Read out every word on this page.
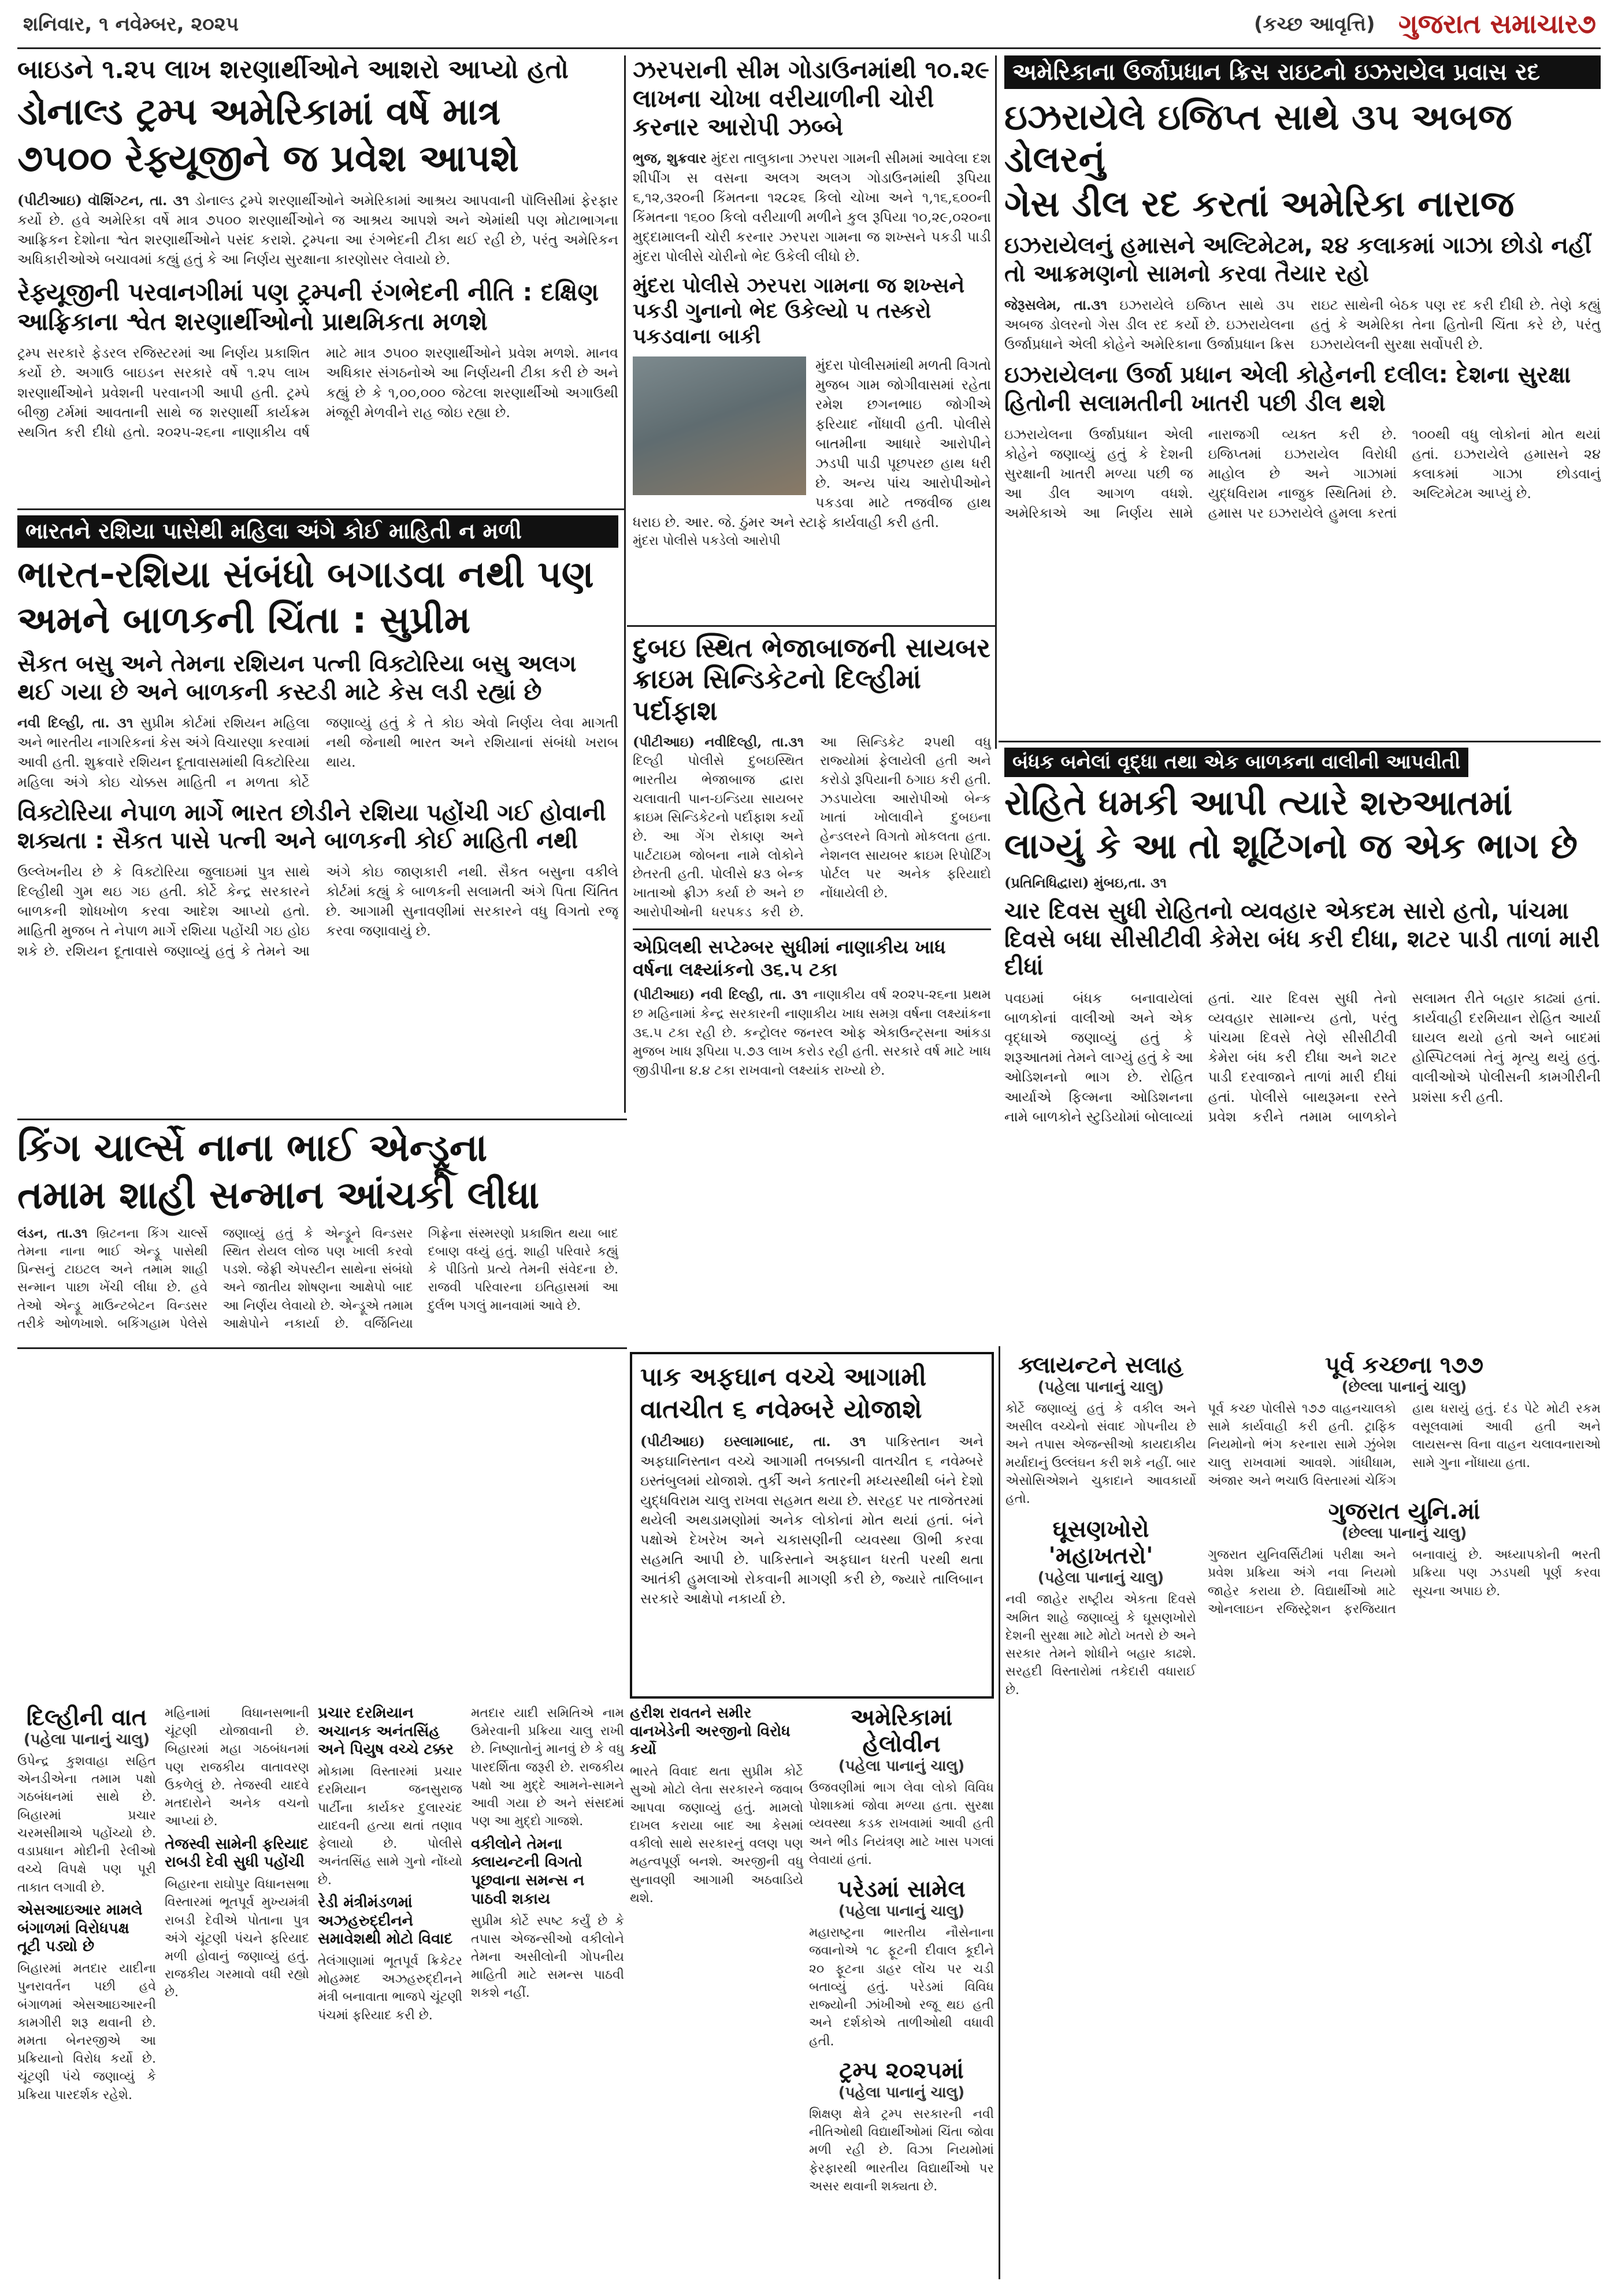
શનિવાર, ૧ નવેમ્બર, ૨૦૨૫	(કચ્છ આવૃત્તિ) ગુજરાત સમાચાર
૭
બાઇડને ૧.૨૫ લાખ શરણાર્થીઓને આશરો આપ્યો હતો
ડોનાલ્ડ ટ્રમ્પ અમેરિકામાં વર્ષે માત્ર
૭૫૦૦ રેફ્યૂજીને જ પ્રવેશ આપશે
(પીટીઆઇ) વૉશિંગ્ટન, તા. ૩૧ ડોનાલ્ડ ટ્રમ્પે શરણાર્થીઓને અમેરિકામાં આશ્રય આપવાની પૉલિસીમાં ફેરફાર કર્યો છે. હવે અમેરિકા વર્ષે માત્ર ૭૫૦૦ શરણાર્થીઓને જ આશ્રય આપશે અને એમાંથી પણ મોટાભાગના આફ્રિકન દેશોના શ્વેત શરણાર્થીઓને પસંદ કરાશે. ટ્રમ્પના આ રંગભેદની ટીકા થઈ રહી છે, પરંતુ અમેરિકન અધિકારીઓએ બચાવમાં કહ્યું હતું કે આ નિર્ણય સુરક્ષાના કારણોસર લેવાયો છે.
રેફ્યૂજીની પરવાનગીમાં પણ ટ્રમ્પની રંગભેદની નીતિ : દક્ષિણ આફ્રિકાના શ્વેત શરણાર્થીઓનો પ્રાથમિકતા મળશે
ટ્રમ્પ સરકારે ફેડરલ રજિસ્ટરમાં આ નિર્ણય પ્રકાશિત કર્યો છે. અગાઉ બાઇડન સરકારે વર્ષે ૧.૨૫ લાખ શરણાર્થીઓને પ્રવેશની પરવાનગી આપી હતી. ટ્રમ્પે બીજી ટર્મમાં આવતાની સાથે જ શરણાર્થી કાર્યક્રમ સ્થગિત કરી દીધો હતો. ૨૦૨૫-૨૬ના નાણાકીય વર્ષ માટે માત્ર ૭૫૦૦ શરણાર્થીઓને પ્રવેશ મળશે. માનવ અધિકાર સંગઠનોએ આ નિર્ણયની ટીકા કરી છે અને કહ્યું છે કે ૧,૦૦,૦૦૦ જેટલા શરણાર્થીઓ અગાઉથી મંજૂરી મેળવીને રાહ જોઇ રહ્યા છે.
ઝરપરાની સીમ ગોડાઉનમાંથી ૧૦.૨૯ લાખના ચોખા વરીયાળીની ચોરી કરનાર આરોપી ઝબ્બે
ભુજ, શુક્રવાર મુંદરા તાલુકાના ઝરપરા ગામની સીમમાં આવેલા દશ શીપીંગ સ વસના અલગ અલગ ગોડાઉનમાંથી રૂપિયા ૬,૧૨,૩૨૦ની કિંમતના ૧૨૮૨૬ કિલો ચોખા અને ૧,૧૬,૬૦૦ની કિંમતના ૧૬૦૦ કિલો વરીયાળી મળીને કુલ રૂપિયા ૧૦,૨૯,૦૨૦ના મુદ્દામાલની ચોરી કરનાર ઝરપરા ગામના જ શખ્સને પકડી પાડી મુંદરા પોલીસે ચોરીનો ભેદ ઉકેલી લીધો છે.
મુંદરા પોલીસે ઝરપરા ગામના જ શખ્સને પકડી ગુનાનો ભેદ ઉકેલ્યો ૫ તસ્કરો પકડવાના બાકી
મુંદરા પોલીસમાંથી મળતી વિગતો મુજબ ગામ જોગીવાસમાં રહેતા રમેશ છગનભાઇ જોગીએ ફરિયાદ નોંધાવી હતી. પોલીસે બાતમીના આધારે આરોપીને ઝડપી પાડી પૂછપરછ હાથ ધરી છે. અન્ય પાંચ આરોપીઓને પકડવા માટે તજવીજ હાથ ધરાઇ છે. આર. જે. ઠુંમર અને સ્ટાફે કાર્યવાહી કરી હતી.
મુંદરા પોલીસે પકડેલો આરોપી
અમેરિકાના ઉર્જાપ્રધાન ક્રિસ રાઇટનો ઇઝરાયેલ પ્રવાસ રદ
ઇઝરાયેલે ઇજિપ્ત સાથે ૩૫ અબજ ડોલરનું
ગેસ ડીલ રદ કરતાં અમેરિકા નારાજ
ઇઝરાયેલનું હમાસને અલ્ટિમેટમ, ૨૪ કલાકમાં ગાઝા છોડો નહીં તો આક્રમણનો સામનો કરવા તૈયાર રહો
જેરૂસલેમ, તા.૩૧ ઇઝરાયેલે ઇજિપ્ત સાથે ૩૫ અબજ ડોલરનો ગેસ ડીલ રદ કર્યો છે. ઇઝરાયેલના ઉર્જાપ્રધાને એલી કોહેને અમેરિકાના ઉર્જાપ્રધાન ક્રિસ રાઇટ સાથેની બેઠક પણ રદ કરી દીધી છે. તેણે કહ્યું હતું કે અમેરિકા તેના હિતોની ચિંતા કરે છે, પરંતુ ઇઝરાયેલની સુરક્ષા સર્વોપરી છે.
ઇઝરાયેલના ઉર્જા પ્રધાન એલી કોહેનની દલીલ: દેશના સુરક્ષા હિતોની સલામતીની ખાતરી પછી ડીલ થશે
ઇઝરાયેલના ઉર્જાપ્રધાન એલી કોહેને જણાવ્યું હતું કે દેશની સુરક્ષાની ખાતરી મળ્યા પછી જ આ ડીલ આગળ વધશે. અમેરિકાએ આ નિર્ણય સામે નારાજગી વ્યક્ત કરી છે. ઇજિપ્તમાં ઇઝરાયેલ વિરોધી માહોલ છે અને ગાઝામાં યુદ્ધવિરામ નાજુક સ્થિતિમાં છે. હમાસ પર ઇઝરાયેલે હુમલા કરતાં ૧૦૦થી વધુ લોકોનાં મોત થયાં હતાં. ઇઝરાયેલે હમાસને ૨૪ કલાકમાં ગાઝા છોડવાનું અલ્ટિમેટમ આપ્યું છે.
ભારતને રશિયા પાસેથી મહિલા અંગે કોઈ માહિતી ન મળી
ભારત-રશિયા સંબંધો બગાડવા નથી પણ
અમને બાળકની ચિંતા : સુપ્રીમ
સૈકત બસુ અને તેમના રશિયન પત્ની વિક્ટોરિયા બસુ અલગ થઈ ગયા છે અને બાળકની કસ્ટડી માટે કેસ લડી રહ્યાં છે
નવી દિલ્હી, તા. ૩૧ સુપ્રીમ કોર્ટમાં રશિયન મહિલા અને ભારતીય નાગરિકનાં કેસ અંગે વિચારણા કરવામાં આવી હતી. શુક્રવારે રશિયન દૂતાવાસમાંથી વિક્ટોરિયા મહિલા અંગે કોઇ ચોક્કસ માહિતી ન મળતા કોર્ટે જણાવ્યું હતું કે તે કોઇ એવો નિર્ણય લેવા માગતી નથી જેનાથી ભારત અને રશિયાનાં સંબંધો ખરાબ થાય.
વિક્ટોરિયા નેપાળ માર્ગે ભારત છોડીને રશિયા પહોંચી ગઈ હોવાની શક્યતા : સૈકત પાસે પત્ની અને બાળકની કોઈ માહિતી નથી
ઉલ્લેખનીય છે કે વિક્ટોરિયા જુલાઇમાં પુત્ર સાથે દિલ્હીથી ગુમ થઇ ગઇ હતી. કોર્ટે કેન્દ્ર સરકારને બાળકની શોધખોળ કરવા આદેશ આપ્યો હતો. માહિતી મુજબ તે નેપાળ માર્ગે રશિયા પહોંચી ગઇ હોઇ શકે છે. રશિયન દૂતાવાસે જણાવ્યું હતું કે તેમને આ અંગે કોઇ જાણકારી નથી. સૈકત બસુના વકીલે કોર્ટમાં કહ્યું કે બાળકની સલામતી અંગે પિતા ચિંતિત છે. આગામી સુનાવણીમાં સરકારને વધુ વિગતો રજૂ કરવા જણાવાયું છે.
દુબઇ સ્થિત ભેજાબાજની સાયબર ક્રાઇમ સિન્ડિકેટનો દિલ્હીમાં પર્દાફાશ
(પીટીઆઇ) નવીદિલ્હી, તા.૩૧ દિલ્હી પોલીસે દુબઇસ્થિત ભારતીય ભેજાબાજ દ્વારા ચલાવાતી પાન-ઇન્ડિયા સાયબર ક્રાઇમ સિન્ડિકેટનો પર્દાફાશ કર્યો છે. આ ગેંગ રોકાણ અને પાર્ટટાઇમ જોબના નામે લોકોને છેતરતી હતી. પોલીસે ૪૩ બેન્ક ખાતાઓ ફ્રીઝ કર્યા છે અને છ આરોપીઓની ધરપકડ કરી છે. આ સિન્ડિકેટ ૨૫થી વધુ રાજ્યોમાં ફેલાયેલી હતી અને કરોડો રૂપિયાની ઠગાઇ કરી હતી. ઝડપાયેલા આરોપીઓ બેન્ક ખાતાં ખોલાવીને દુબઇના હેન્ડલરને વિગતો મોકલતા હતા. નેશનલ સાયબર ક્રાઇમ રિપોર્ટિંગ પોર્ટલ પર અનેક ફરિયાદો નોંધાયેલી છે.
એપ્રિલથી સપ્ટેમ્બર સુધીમાં નાણાકીય ખાધ વર્ષના લક્ષ્યાંકનો ૩૬.૫ ટકા
(પીટીઆઇ) નવી દિલ્હી, તા. ૩૧ નાણાકીય વર્ષ ૨૦૨૫-૨૬ના પ્રથમ છ મહિનામાં કેન્દ્ર સરકારની નાણાકીય ખાધ સમગ્ર વર્ષના લક્ષ્યાંકના ૩૬.૫ ટકા રહી છે. કન્ટ્રોલર જનરલ ઓફ એકાઉન્ટ્સના આંકડા મુજબ ખાધ રૂપિયા ૫.૭૩ લાખ કરોડ રહી હતી. સરકારે વર્ષ માટે ખાધ જીડીપીના ૪.૪ ટકા રાખવાનો લક્ષ્યાંક રાખ્યો છે.
બંધક બનેલાં વૃદ્ધા તથા એક બાળકના વાલીની આપવીતી
રોહિતે ધમકી આપી ત્યારે શરુઆતમાં
લાગ્યું કે આ તો શૂટિંગનો જ એક ભાગ છે
(પ્રતિનિધિદ્વારા) મુંબઇ,તા. ૩૧
ચાર દિવસ સુધી રોહિતનો વ્યવહાર એકદમ સારો હતો, પાંચમા દિવસે બધા સીસીટીવી કેમેરા બંધ કરી દીધા, શટર પાડી તાળાં મારી દીધાં
પવઇમાં બંધક બનાવાયેલાં બાળકોનાં વાલીઓ અને એક વૃદ્ધાએ જણાવ્યું હતું કે શરૂઆતમાં તેમને લાગ્યું હતું કે આ ઓડિશનનો ભાગ છે. રોહિત આર્યાએ ફિલ્મના ઓડિશનના નામે બાળકોને સ્ટુડિયોમાં બોલાવ્યાં હતાં. ચાર દિવસ સુધી તેનો વ્યવહાર સામાન્ય હતો, પરંતુ પાંચમા દિવસે તેણે સીસીટીવી કેમેરા બંધ કરી દીધા અને શટર પાડી દરવાજાને તાળાં મારી દીધાં હતાં. પોલીસે બાથરૂમના રસ્તે પ્રવેશ કરીને તમામ બાળકોને સલામત રીતે બહાર કાઢ્યાં હતાં. કાર્યવાહી દરમિયાન રોહિત આર્યા ઘાયલ થયો હતો અને બાદમાં હોસ્પિટલમાં તેનું મૃત્યુ થયું હતું. વાલીઓએ પોલીસની કામગીરીની પ્રશંસા કરી હતી.
કિંગ ચાર્લ્સે નાના ભાઈ એન્ડ્રૂના
તમામ શાહી સન્માન આંચકી લીધા
લંડન, તા.૩૧ બ્રિટનના કિંગ ચાર્લ્સે તેમના નાના ભાઈ એન્ડ્રૂ પાસેથી પ્રિન્સનું ટાઇટલ અને તમામ શાહી સન્માન પાછા ખેંચી લીધા છે. હવે તેઓ એન્ડ્રૂ માઉન્ટબેટન વિન્ડસર તરીકે ઓળખાશે. બકિંગહામ પેલેસે જણાવ્યું હતું કે એન્ડ્રૂને વિન્ડસર સ્થિત રોયલ લોજ પણ ખાલી કરવો પડશે. જેફ્રી એપસ્ટીન સાથેના સંબંધો અને જાતીય શોષણના આક્ષેપો બાદ આ નિર્ણય લેવાયો છે. એન્ડ્રૂએ તમામ આક્ષેપોને નકાર્યા છે. વર્જિનિયા ગિફ્રેના સંસ્મરણો પ્રકાશિત થયા બાદ દબાણ વધ્યું હતું. શાહી પરિવારે કહ્યું કે પીડિતો પ્રત્યે તેમની સંવેદના છે. રાજવી પરિવારના ઇતિહાસમાં આ દુર્લભ પગલું માનવામાં આવે છે.
પાક અફઘાન વચ્ચે આગામી
વાતચીત ૬ નવેમ્બરે યોજાશે
(પીટીઆઇ) ઇસ્લામાબાદ, તા. ૩૧ પાકિસ્તાન અને અફઘાનિસ્તાન વચ્ચે આગામી તબક્કાની વાતચીત ૬ નવેમ્બરે ઇસ્તંબુલમાં યોજાશે. તુર્કી અને કતારની મધ્યસ્થીથી બંને દેશો યુદ્ધવિરામ ચાલુ રાખવા સહમત થયા છે. સરહદ પર તાજેતરમાં થયેલી અથડામણોમાં અનેક લોકોનાં મોત થયાં હતાં. બંને પક્ષોએ દેખરેખ અને ચકાસણીની વ્યવસ્થા ઊભી કરવા સહમતિ આપી છે. પાકિસ્તાને અફઘાન ધરતી પરથી થતા આતંકી હુમલાઓ રોકવાની માગણી કરી છે, જ્યારે તાલિબાન સરકારે આક્ષેપો નકાર્યા છે.
દિલ્હીની વાત
(પહેલા પાનાનું ચાલુ)
ઉપેન્દ્ર કુશવાહા સહિત એનડીએના તમામ પક્ષો ગઠબંધનમાં સાથે છે. બિહારમાં પ્રચાર ચરમસીમાએ પહોંચ્યો છે. વડાપ્રધાન મોદીની રેલીઓ વચ્ચે વિપક્ષે પણ પૂરી તાકાત લગાવી છે.
એસઆઇઆર મામલે બંગાળમાં વિરોધપક્ષ તૂટી પડ્યો છે
બિહારમાં મતદાર યાદીના પુનરાવર્તન પછી હવે બંગાળમાં એસઆઇઆરની કામગીરી શરૂ થવાની છે. મમતા બેનરજીએ આ પ્રક્રિયાનો વિરોધ કર્યો છે. ચૂંટણી પંચે જણાવ્યું કે પ્રક્રિયા પારદર્શક રહેશે.
મહિનામાં વિધાનસભાની ચૂંટણી યોજાવાની છે. બિહારમાં મહા ગઠબંધનમાં પણ રાજકીય વાતાવરણ ઉકળેલું છે. તેજસ્વી યાદવે મતદારોને અનેક વચનો આપ્યાં છે.
તેજસ્વી સામેની ફરિયાદ રાબડી દેવી સુધી પહોંચી
બિહારના રાઘોપુર વિધાનસભા વિસ્તારમાં ભૂતપૂર્વ મુખ્યમંત્રી રાબડી દેવીએ પોતાના પુત્ર અંગે ચૂંટણી પંચને ફરિયાદ મળી હોવાનું જણાવ્યું હતું. રાજકીય ગરમાવો વધી રહ્યો છે.
પ્રચાર દરમિયાન અચાનક અનંતસિંહ અને પિયુષ વચ્ચે ટક્કર
મોકામા વિસ્તારમાં પ્રચાર દરમિયાન જનસુરાજ પાર્ટીના કાર્યકર દુલારચંદ યાદવની હત્યા થતાં તણાવ ફેલાયો છે. પોલીસે અનંતસિંહ સામે ગુનો નોંધ્યો છે.
રેડી મંત્રીમંડળમાં અઝહરુદ્દીનને સમાવેશથી મોટો વિવાદ
તેલંગાણામાં ભૂતપૂર્વ ક્રિકેટર મોહમ્મદ અઝહરુદ્દીનને મંત્રી બનાવાતા ભાજપે ચૂંટણી પંચમાં ફરિયાદ કરી છે.
મતદાર યાદી સમિતિએ નામ ઉમેરવાની પ્રક્રિયા ચાલુ રાખી છે. નિષ્ણાતોનું માનવું છે કે વધુ પારદર્શિતા જરૂરી છે. રાજકીય પક્ષો આ મુદ્દે આમને-સામને આવી ગયા છે અને સંસદમાં પણ આ મુદ્દો ગાજશે.
વકીલોને તેમના ક્લાયન્ટની વિગતો પૂછવાના સમન્સ ન પાઠવી શકાય
સુપ્રીમ કોર્ટે સ્પષ્ટ કર્યું છે કે તપાસ એજન્સીઓ વકીલોને તેમના અસીલોની ગોપનીય માહિતી માટે સમન્સ પાઠવી શકશે નહીં.
હરીશ રાવતને સમીર વાનખેડેની અરજીનો વિરોધ કર્યો
ભારતે વિવાદ થતા સુપ્રીમ કોર્ટે સુઓ મોટો લેતા સરકારને જવાબ આપવા જણાવ્યું હતું. મામલો દાખલ કરાયા બાદ આ કેસમાં વકીલો સાથે સરકારનું વલણ પણ મહત્વપૂર્ણ બનશે. અરજીની વધુ સુનાવણી આગામી અઠવાડિયે થશે.
અમેરિકામાં હેલોવીન
(પહેલા પાનાનું ચાલુ)
ઉજવણીમાં ભાગ લેવા લોકો વિવિધ પોશાકમાં જોવા મળ્યા હતા. સુરક્ષા વ્યવસ્થા કડક રાખવામાં આવી હતી અને ભીડ નિયંત્રણ માટે ખાસ પગલાં લેવાયાં હતાં.
પરેડમાં સામેલ
(પહેલા પાનાનું ચાલુ)
મહારાષ્ટ્રના ભારતીય નૌસેનાના જવાનોએ ૧૮ ફૂટની દીવાલ કૂદીને ૨૦ ફૂટના ડાહર લોંચ પર ચડી બતાવ્યું હતું. પરેડમાં વિવિધ રાજ્યોની ઝાંખીઓ રજૂ થઇ હતી અને દર્શકોએ તાળીઓથી વધાવી હતી.
ટ્રમ્પ ૨૦૨૫માં
(પહેલા પાનાનું ચાલુ)
શિક્ષણ ક્ષેત્રે ટ્રમ્પ સરકારની નવી નીતિઓથી વિદ્યાર્થીઓમાં ચિંતા જોવા મળી રહી છે. વિઝા નિયમોમાં ફેરફારથી ભારતીય વિદ્યાર્થીઓ પર અસર થવાની શક્યતા છે.
ક્લાયન્ટને સલાહ
(પહેલા પાનાનું ચાલુ)
કોર્ટે જણાવ્યું હતું કે વકીલ અને અસીલ વચ્ચેનો સંવાદ ગોપનીય છે અને તપાસ એજન્સીઓ કાયદાકીય મર્યાદાનું ઉલ્લંઘન કરી શકે નહીં. બાર એસોસિએશને ચુકાદાને આવકાર્યો હતો.
ઘૂસણખોરો 'મહાખતરો'
(પહેલા પાનાનું ચાલુ)
નવી જાહેર રાષ્ટ્રીય એકતા દિવસે અમિત શાહે જણાવ્યું કે ઘૂસણખોરો દેશની સુરક્ષા માટે મોટો ખતરો છે અને સરકાર તેમને શોધીને બહાર કાઢશે. સરહદી વિસ્તારોમાં તકેદારી વધારાઈ છે.
પૂર્વ કચ્છના ૧૭૭
(છેલ્લા પાનાનું ચાલુ)
પૂર્વ કચ્છ પોલીસે ૧૭૭ વાહનચાલકો સામે કાર્યવાહી કરી હતી. ટ્રાફિક નિયમોનો ભંગ કરનારા સામે ઝુંબેશ ચાલુ રાખવામાં આવશે. ગાંધીધામ, અંજાર અને ભચાઉ વિસ્તારમાં ચેકિંગ હાથ ધરાયું હતું. દંડ પેટે મોટી રકમ વસૂલવામાં આવી હતી અને લાયસન્સ વિના વાહન ચલાવનારાઓ સામે ગુના નોંધાયા હતા.
ગુજરાત યુનિ.માં
(છેલ્લા પાનાનું ચાલુ)
ગુજરાત યુનિવર્સિટીમાં પરીક્ષા અને પ્રવેશ પ્રક્રિયા અંગે નવા નિયમો જાહેર કરાયા છે. વિદ્યાર્થીઓ માટે ઓનલાઇન રજિસ્ટ્રેશન ફરજિયાત બનાવાયું છે. અધ્યાપકોની ભરતી પ્રક્રિયા પણ ઝડપથી પૂર્ણ કરવા સૂચના અપાઇ છે.
